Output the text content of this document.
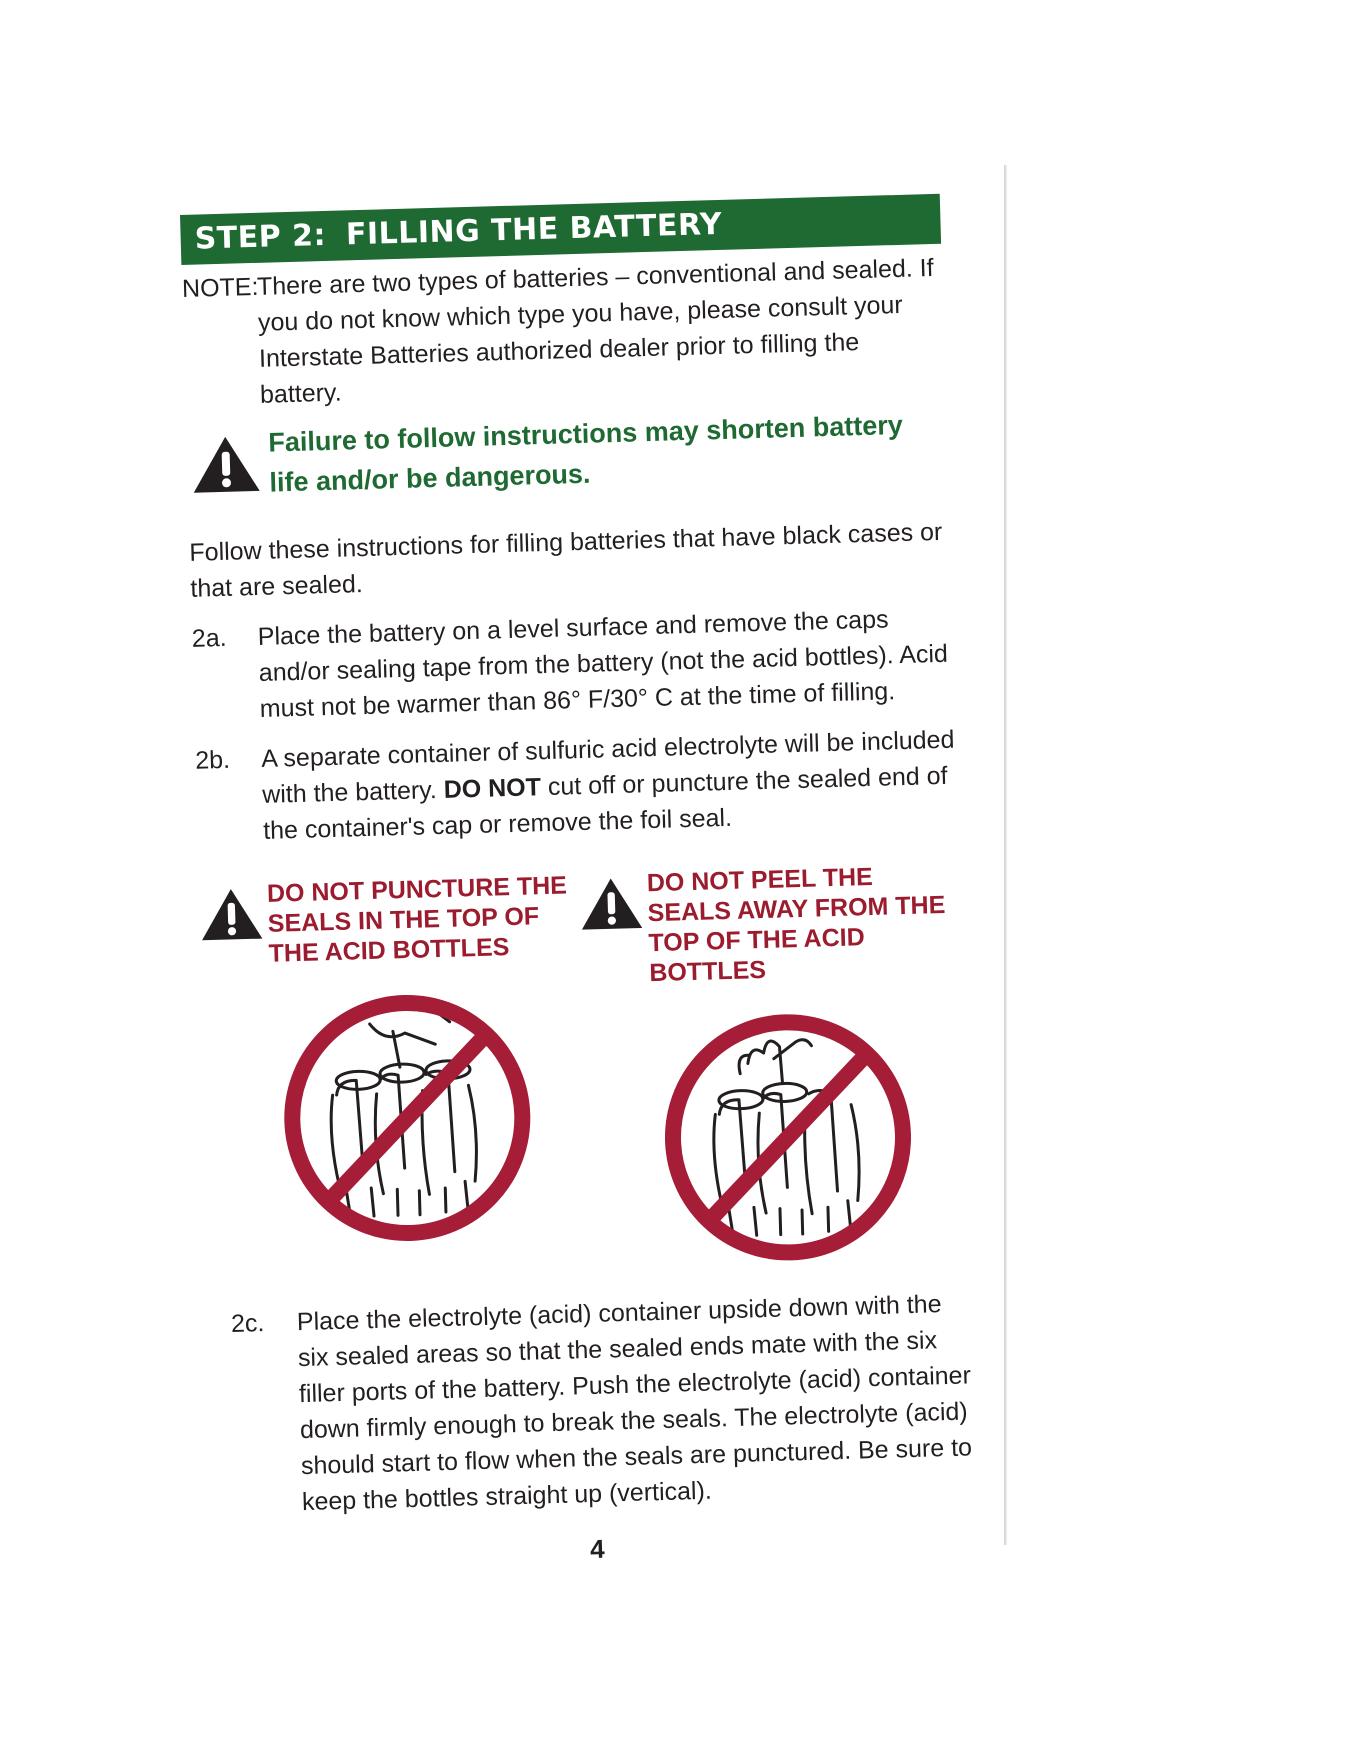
STEP 2: FILLING THE BATTERY
NOTE:
There are two types of batteries – conventional and sealed. If you do not know which type you have, please consult your Interstate Batteries authorized dealer prior to filling the battery.
Failure to follow instructions may shorten battery life and/or be dangerous.
Follow these instructions for filling batteries that have black cases or that are sealed.
2a.	Place the battery on a level surface and remove the caps and/or sealing tape from the battery (not the acid bottles). Acid must not be warmer than 86° F/30° C at the time of filling.
2b.	A separate container of sulfuric acid electrolyte will be included with the battery. DO NOT cut off or puncture the sealed end of the container's cap or remove the foil seal.
DO NOT PUNCTURE THE SEALS IN THE TOP OF THE ACID BOTTLES
DO NOT PEEL THE SEALS AWAY FROM THE TOP OF THE ACID BOTTLES
2c.	Place the electrolyte (acid) container upside down with the six sealed areas so that the sealed ends mate with the six filler ports of the battery. Push the electrolyte (acid) container down firmly enough to break the seals. The electrolyte (acid) should start to flow when the seals are punctured. Be sure to keep the bottles straight up (vertical).
4
